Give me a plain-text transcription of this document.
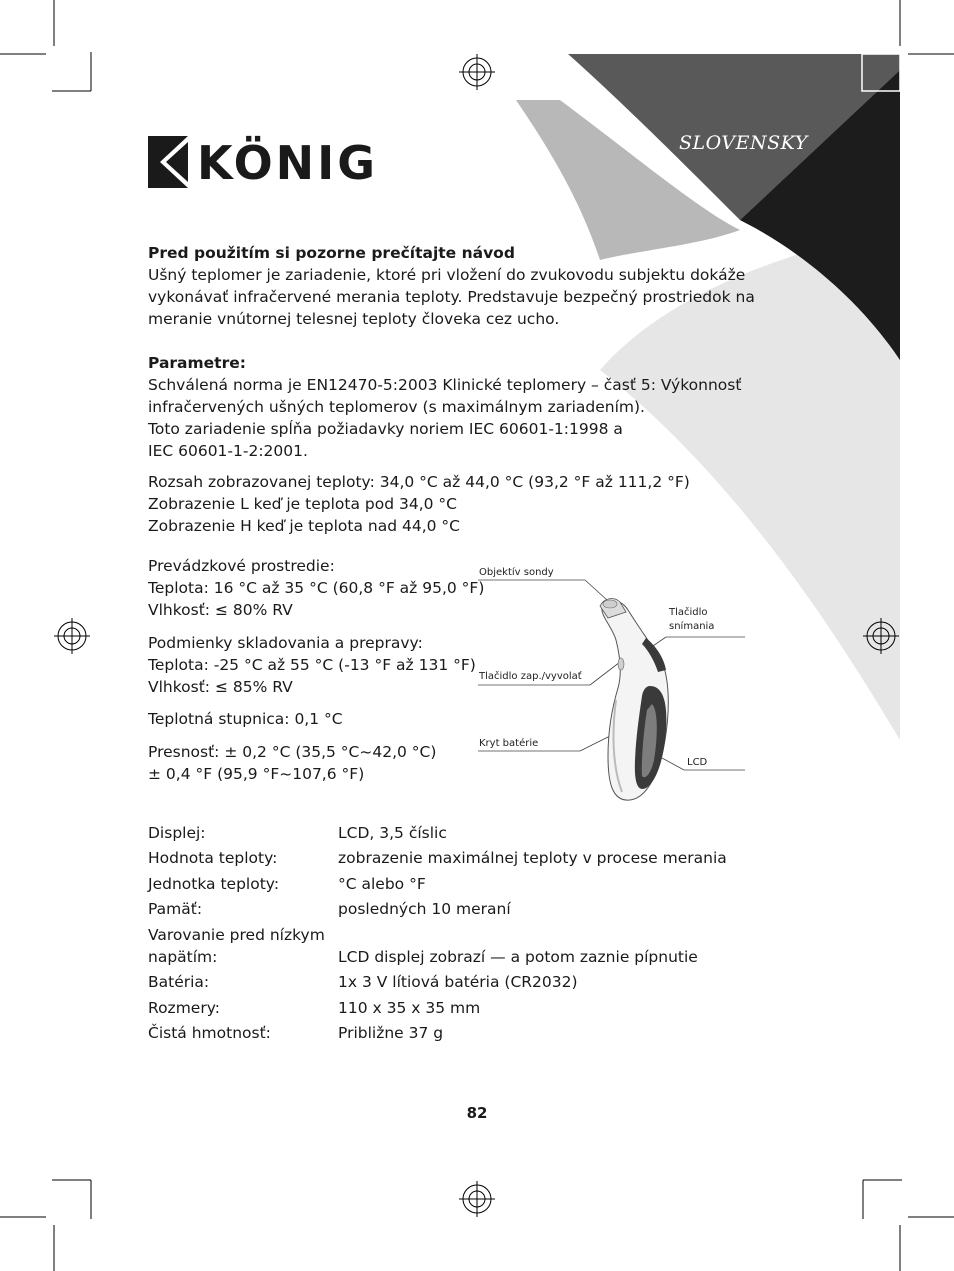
KÖNIG	SLOVENSKY
Pred použitím si pozorne prečítajte návod
Ušný teplomer je zariadenie, ktoré pri vložení do zvukovodu subjektu dokáže
vykonávať infračervené merania teploty. Predstavuje bezpečný prostriedok na
meranie vnútornej telesnej teploty človeka cez ucho.
Parametre:
Schválená norma je EN12470-5:2003 Klinické teplomery – časť 5: Výkonnosť
infračervených ušných teplomerov (s maximálnym zariadením).
Toto zariadenie spĺňa požiadavky noriem IEC 60601-1:1998 a
IEC 60601-1-2:2001.
Rozsah zobrazovanej teploty: 34,0 °C až 44,0 °C (93,2 °F až 111,2 °F)
Zobrazenie L keď je teplota pod 34,0 °C
Zobrazenie H keď je teplota nad 44,0 °C
Prevádzkové prostredie:
Teplota: 16 °C až 35 °C (60,8 °F až 95,0 °F)
Vlhkosť: ≤ 80% RV
Podmienky skladovania a prepravy:
Teplota: -25 °C až 55 °C (-13 °F až 131 °F)
Vlhkosť: ≤ 85% RV
Teplotná stupnica: 0,1 °C
Presnosť: ± 0,2 °C (35,5 °C~42,0 °C)
± 0,4 °F (95,9 °F~107,6 °F)
Objektív sondy
Tlačidlo
snímania
Tlačidlo zap./vyvolať
Kryt batérie
LCD
Displej:	LCD, 3,5 číslic
Hodnota teploty:	zobrazenie maximálnej teploty v procese merania
Jednotka teploty:	°C alebo °F
Pamäť:	posledných 10 meraní
Varovanie pred nízkym
napätím:	LCD displej zobrazí — a potom zaznie pípnutie
Batéria:	1x 3 V lítiová batéria (CR2032)
Rozmery:	110 x 35 x 35 mm
Čistá hmotnosť:	Približne 37 g
82
